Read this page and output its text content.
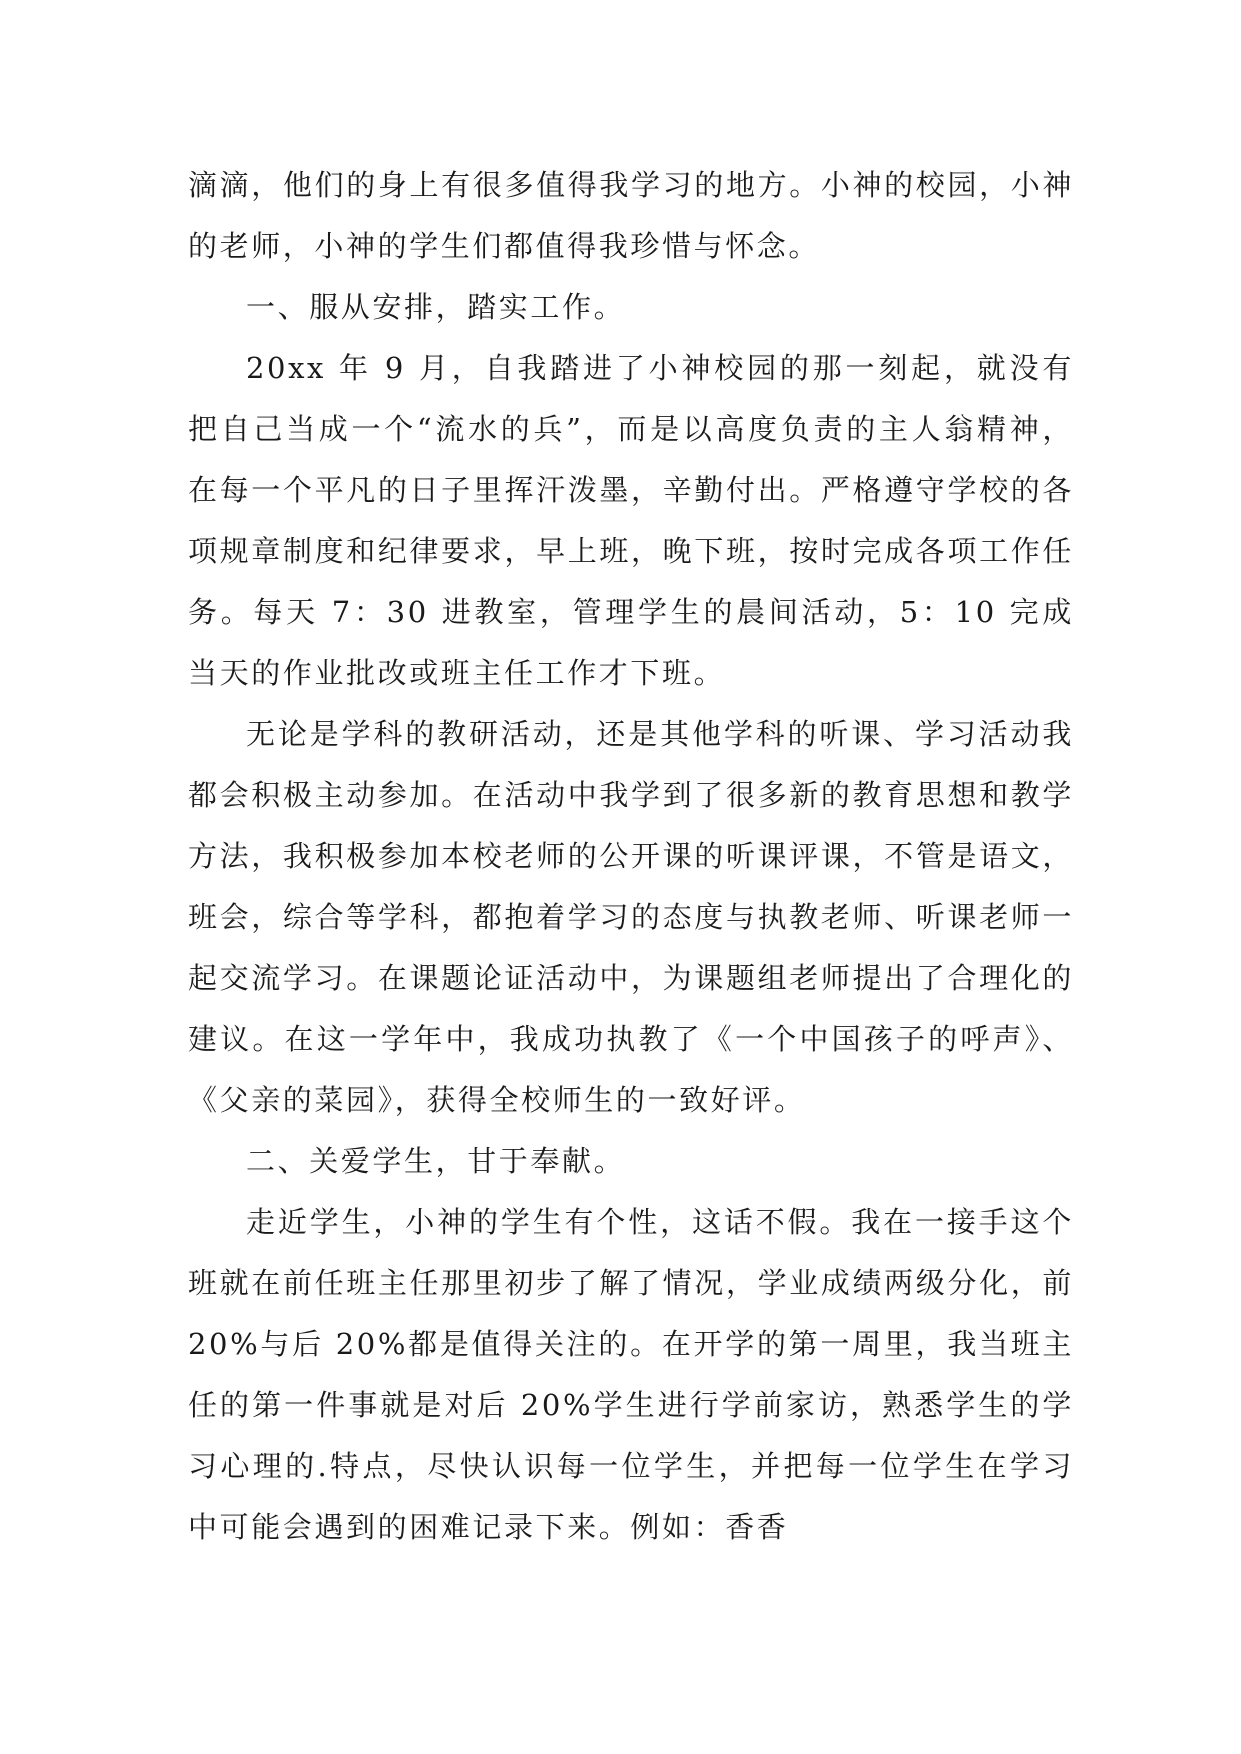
滴滴，他们的身上有很多值得我学习的地方。小神的校园，小神的老师，小神的学生们都值得我珍惜与怀念。

一、服从安排，踏实工作。

20xx 年 9 月，自我踏进了小神校园的那一刻起，就没有把自己当成一个“流水的兵”，而是以高度负责的主人翁精神，在每一个平凡的日子里挥汗泼墨，辛勤付出。严格遵守学校的各项规章制度和纪律要求，早上班，晚下班，按时完成各项工作任务。每天 7：30 进教室，管理学生的晨间活动，5：10 完成当天的作业批改或班主任工作才下班。

无论是学科的教研活动，还是其他学科的听课、学习活动我都会积极主动参加。在活动中我学到了很多新的教育思想和教学方法，我积极参加本校老师的公开课的听课评课，不管是语文，班会，综合等学科，都抱着学习的态度与执教老师、听课老师一起交流学习。在课题论证活动中，为课题组老师提出了合理化的建议。在这一学年中，我成功执教了《一个中国孩子的呼声》、《父亲的菜园》，获得全校师生的一致好评。

二、关爱学生，甘于奉献。

走近学生，小神的学生有个性，这话不假。我在一接手这个班就在前任班主任那里初步了解了情况，学业成绩两级分化，前 20%与后 20%都是值得关注的。在开学的第一周里，我当班主任的第一件事就是对后 20%学生进行学前家访，熟悉学生的学习心理的.特点，尽快认识每一位学生，并把每一位学生在学习中可能会遇到的困难记录下来。例如：香香
